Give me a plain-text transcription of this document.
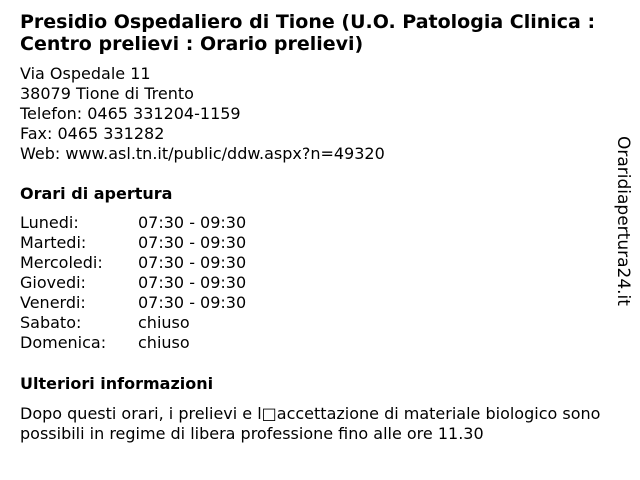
Presidio Ospedaliero di Tione (U.O. Patologia Clinica : Centro prelievi : Orario prelievi)
Via Ospedale 11
38079 Tione di Trento
Telefon: 0465 331204-1159
Fax: 0465 331282
Web: www.asl.tn.it/public/ddw.aspx?n=49320
Orari di apertura
Lunedi:	07:30 - 09:30
Martedi:	07:30 - 09:30
Mercoledi: 07:30 - 09:30
Giovedi:	07:30 - 09:30
Venerdi:	07:30 - 09:30
Sabato:	chiuso
Domenica: chiuso
Ulteriori informazioni
Dopo questi orari, i prelievi e l□accettazione di materiale biologico sono possibili in regime di libera professione fino alle ore 11.30
Oraridiapertura24.it
